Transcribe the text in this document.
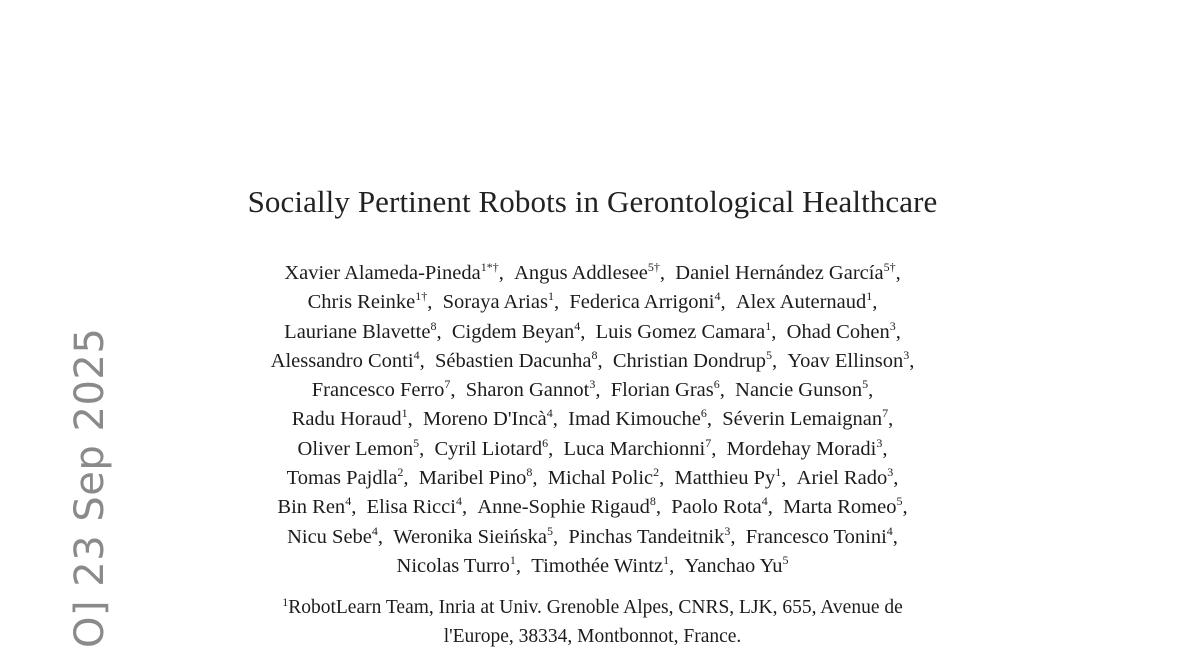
Socially Pertinent Robots in Gerontological Healthcare
Xavier Alameda-Pineda$^{1*\dagger}$, Angus Addlesee$^{5\dagger}$, Daniel Hernández García$^{5\dagger}$,
Chris Reinke$^{1\dagger}$, Soraya Arias$^1$, Federica Arrigoni$^4$, Alex Auternaud$^1$,
Lauriane Blavette$^8$, Cigdem Beyan$^4$, Luis Gomez Camara$^1$, Ohad Cohen$^3$,
Alessandro Conti$^4$, Sébastien Dacunha$^8$, Christian Dondrup$^5$, Yoav Ellinson$^3$,
Francesco Ferro$^7$, Sharon Gannot$^3$, Florian Gras$^6$, Nancie Gunson$^5$,
Radu Horaud$^1$, Moreno D'Incà$^4$, Imad Kimouche$^6$, Séverin Lemaignan$^7$,
Oliver Lemon$^5$, Cyril Liotard$^6$, Luca Marchionni$^7$, Mordehay Moradi$^3$,
Tomas Pajdla$^2$, Maribel Pino$^8$, Michal Polic$^2$, Matthieu Py$^1$, Ariel Rado$^3$,
Bin Ren$^4$, Elisa Ricci$^4$, Anne-Sophie Rigaud$^8$, Paolo Rota$^4$, Marta Romeo$^5$,
Nicu Sebe$^4$, Weronika Sieińska$^5$, Pinchas Tandeitnik$^3$, Francesco Tonini$^4$,
Nicolas Turro$^1$, Timothée Wintz$^1$, Yanchao Yu$^5$
$^1$RobotLearn Team, Inria at Univ. Grenoble Alpes, CNRS, LJK, 655, Avenue de
l'Europe, 38334, Montbonnot, France.
O] 23 Sep 2025
